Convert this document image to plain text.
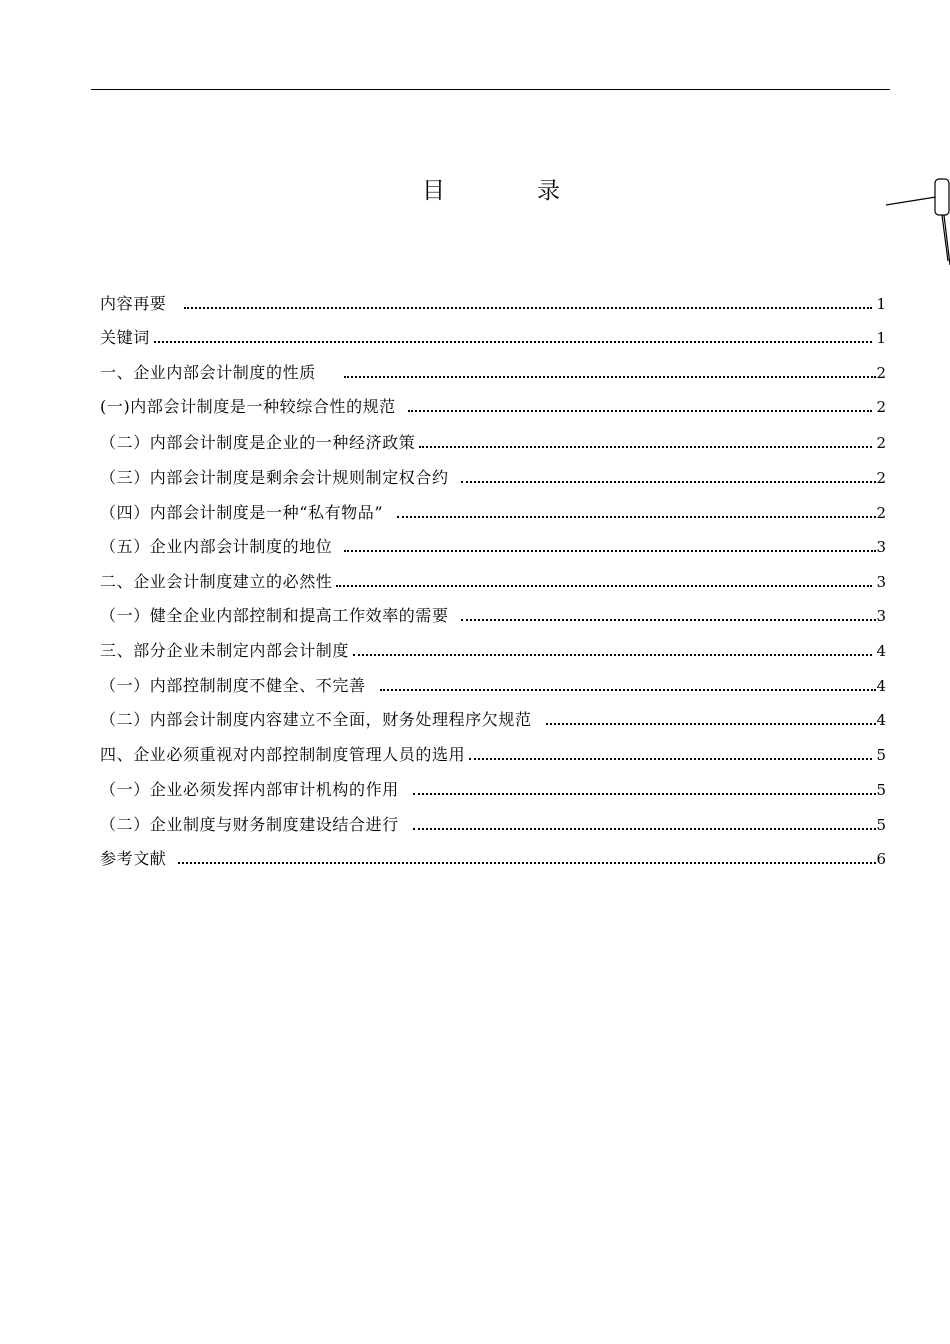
目	录
内容再要	1
关键词	1
一、企业内部会计制度的性质	2
(一)内部会计制度是一种较综合性的规范	2
（二）内部会计制度是企业的一种经济政策	2
（三）内部会计制度是剩余会计规则制定权合约	2
（四）内部会计制度是一种“私有物品”	2
（五）企业内部会计制度的地位	3
二、企业会计制度建立的必然性	3
（一）健全企业内部控制和提高工作效率的需要	3
三、部分企业未制定内部会计制度	4
（一）内部控制制度不健全、不完善	4
（二）内部会计制度内容建立不全面，财务处理程序欠规范	4
四、企业必须重视对内部控制制度管理人员的选用	5
（一）企业必须发挥内部审计机构的作用	5
（二）企业制度与财务制度建设结合进行	5
参考文献	6
